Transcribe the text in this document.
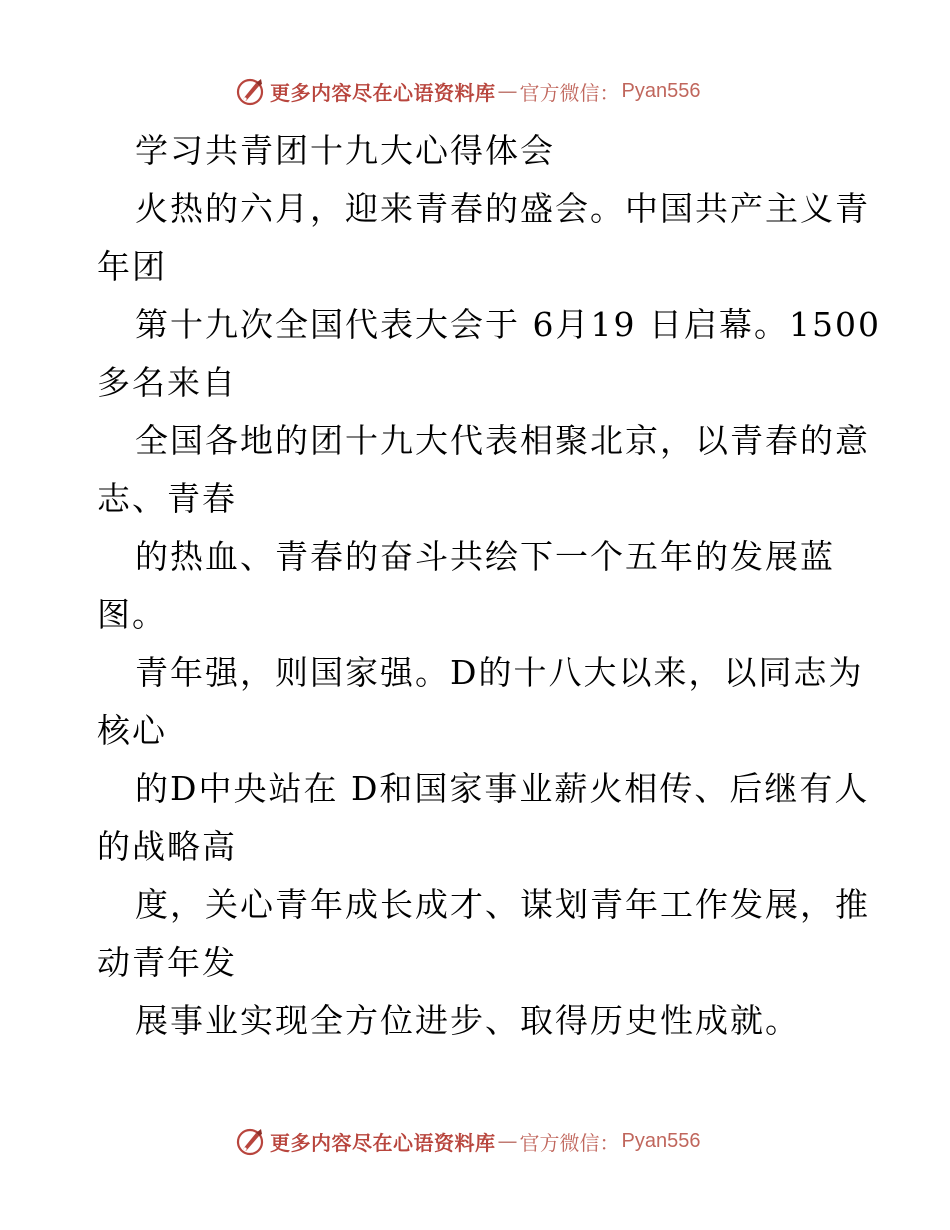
更多内容尽在心语资料库 — 官方微信： Pyan556
学习共青团十九大心得体会
火热的六月，迎来青春的盛会。中国共产主义青
年团
第十九次全国代表大会于 6月19 日启幕。1500
多名来自
全国各地的团十九大代表相聚北京，以青春的意
志、青春
的热血、青春的奋斗共绘下一个五年的发展蓝
图。
青年强，则国家强。D的十八大以来，以同志为
核心
的D中央站在 D和国家事业薪火相传、后继有人
的战略高
度，关心青年成长成才、谋划青年工作发展，推
动青年发
展事业实现全方位进步、取得历史性成就。
更多内容尽在心语资料库 — 官方微信： Pyan556
